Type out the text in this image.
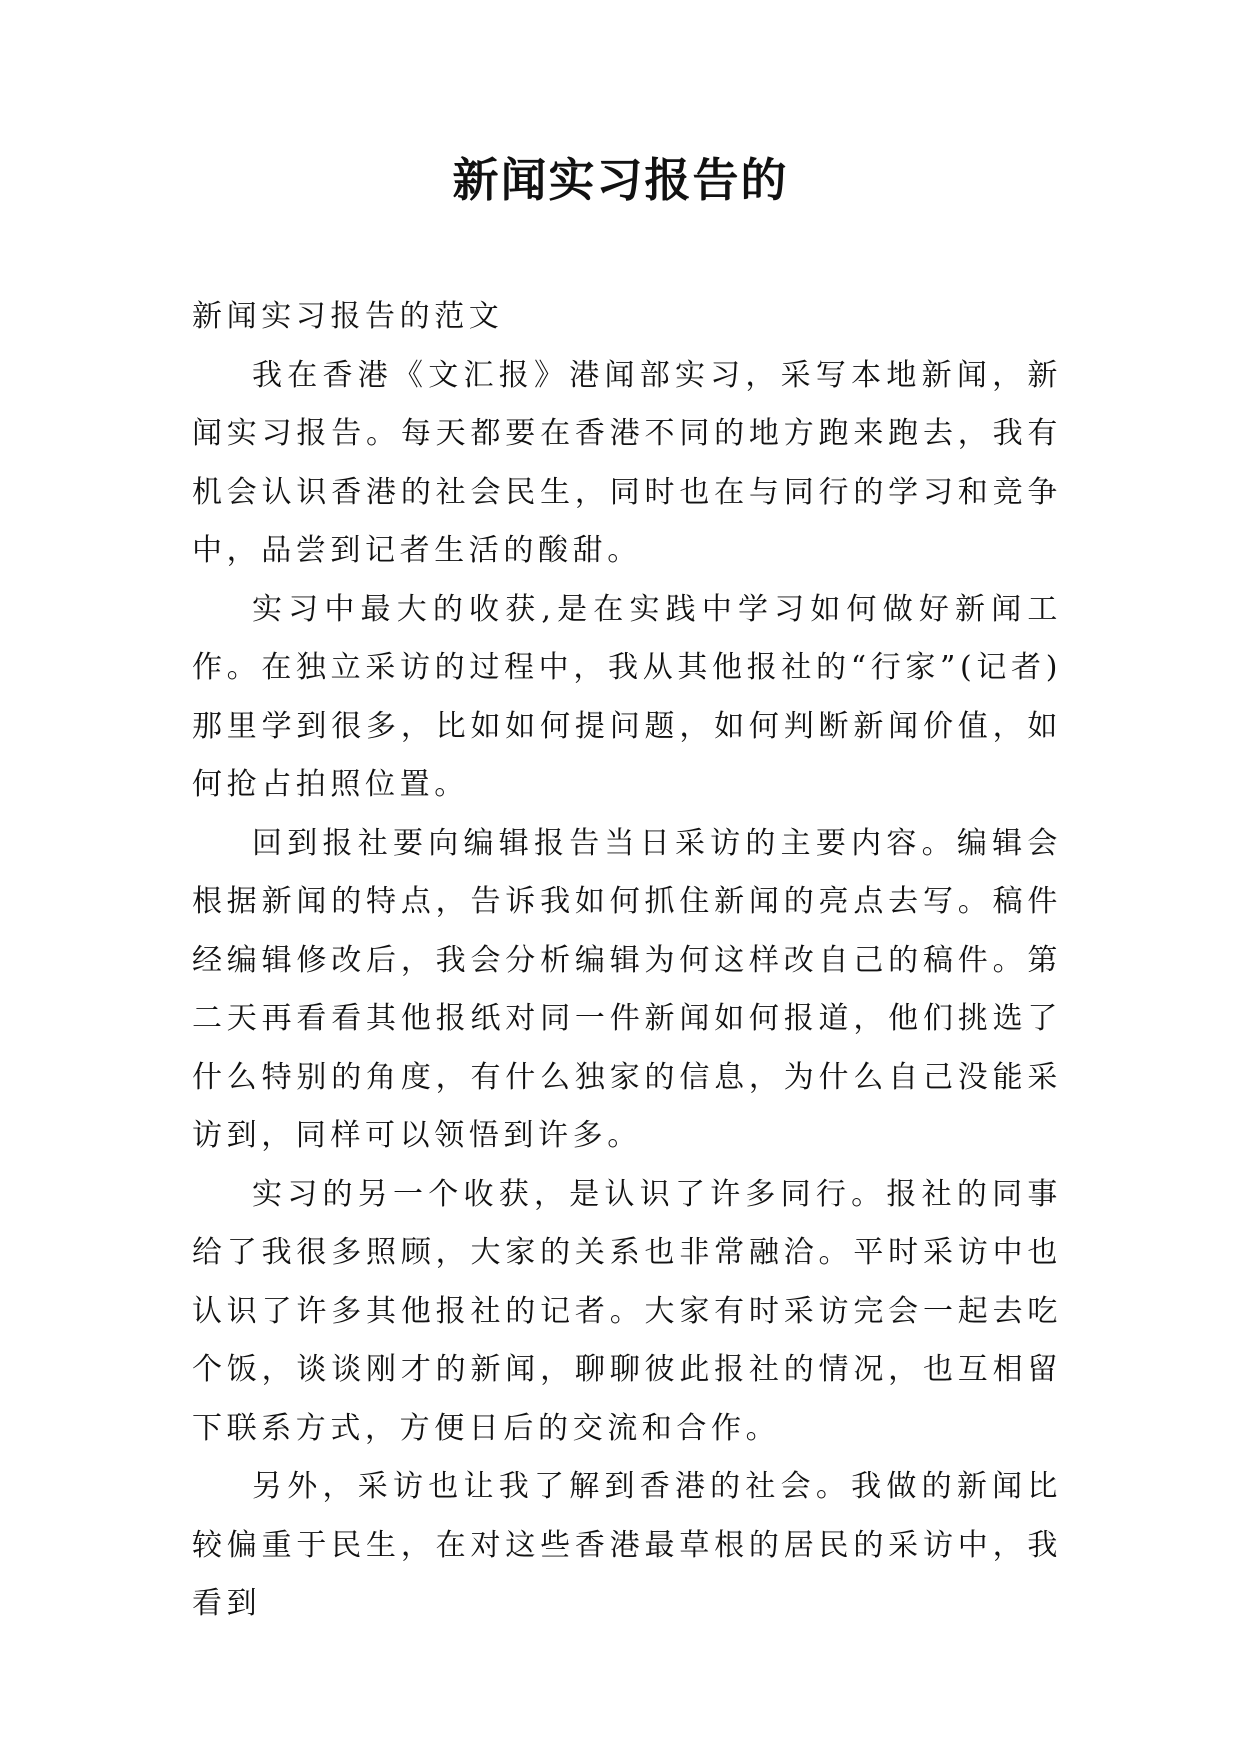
新闻实习报告的

新闻实习报告的范文

我在香港《文汇报》港闻部实习，采写本地新闻，新闻实习报告。每天都要在香港不同的地方跑来跑去，我有机会认识香港的社会民生，同时也在与同行的学习和竞争中，品尝到记者生活的酸甜。

实习中最大的收获,是在实践中学习如何做好新闻工作。在独立采访的过程中，我从其他报社的“行家”(记者)那里学到很多，比如如何提问题，如何判断新闻价值，如何抢占拍照位置。

回到报社要向编辑报告当日采访的主要内容。编辑会根据新闻的特点，告诉我如何抓住新闻的亮点去写。稿件经编辑修改后，我会分析编辑为何这样改自己的稿件。第二天再看看其他报纸对同一件新闻如何报道，他们挑选了什么特别的角度，有什么独家的信息，为什么自己没能采访到，同样可以领悟到许多。

实习的另一个收获，是认识了许多同行。报社的同事给了我很多照顾，大家的关系也非常融洽。平时采访中也认识了许多其他报社的记者。大家有时采访完会一起去吃个饭，谈谈刚才的新闻，聊聊彼此报社的情况，也互相留下联系方式，方便日后的交流和合作。

另外，采访也让我了解到香港的社会。我做的新闻比较偏重于民生，在对这些香港最草根的居民的采访中，我看到
